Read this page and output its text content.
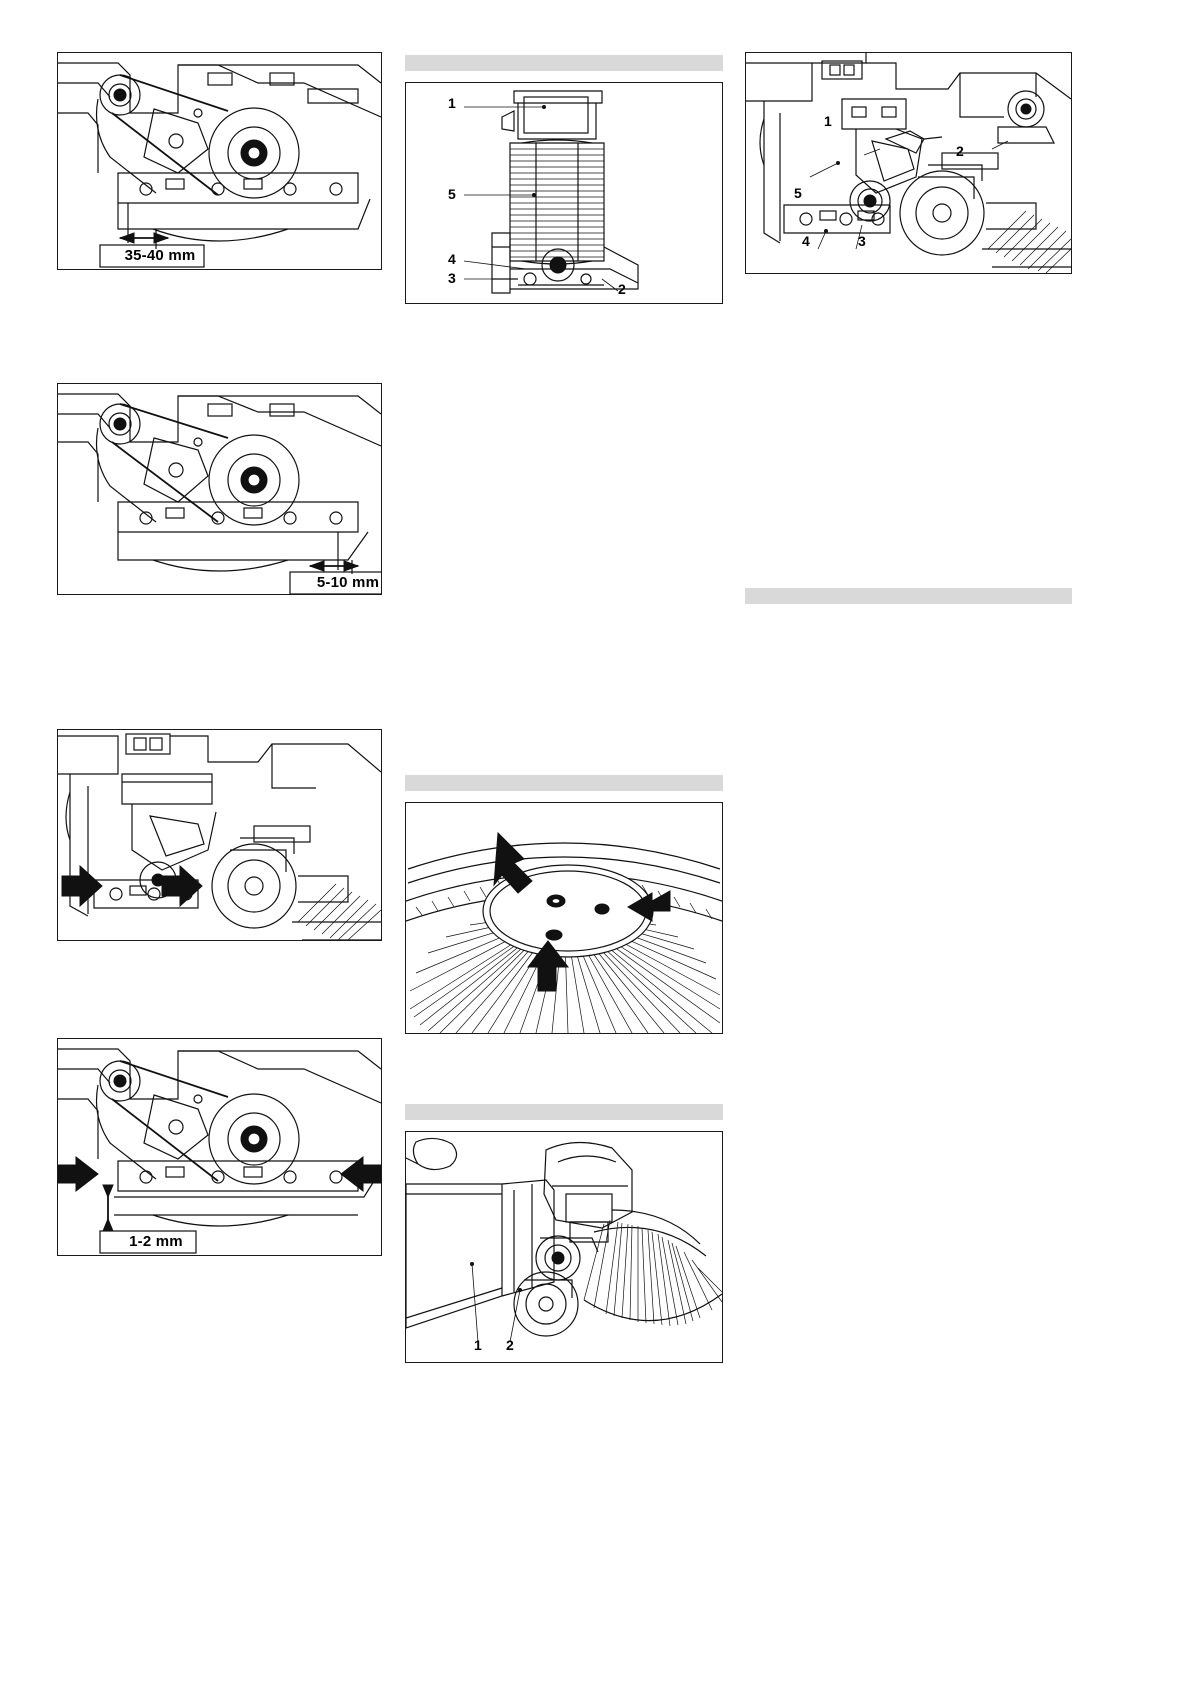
35-40 mm
1
5
4
3
2
2
1
5
4	3
5-10 mm
1-2 mm
1 2
